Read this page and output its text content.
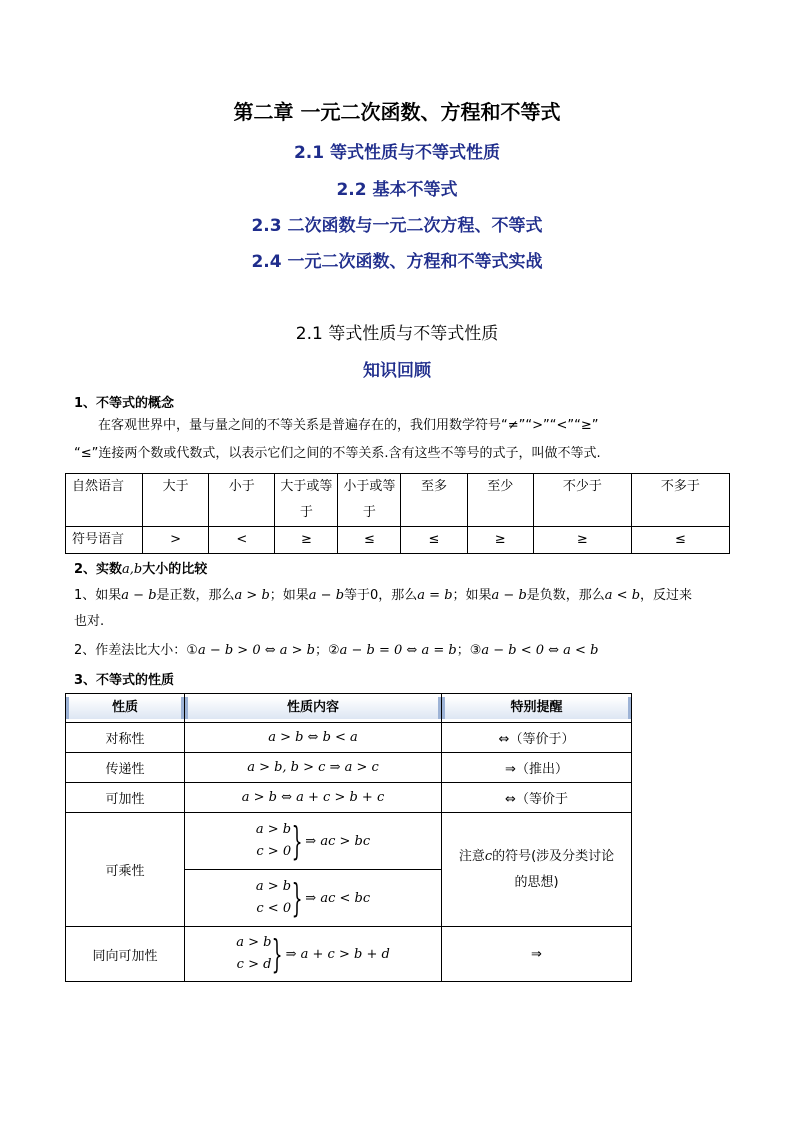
第二章 一元二次函数、方程和不等式
2.1 等式性质与不等式性质
2.2 基本不等式
2.3 二次函数与一元二次方程、不等式
2.4 一元二次函数、方程和不等式实战
2.1 等式性质与不等式性质
知识回顾
1、不等式的概念
在客观世界中，量与量之间的不等关系是普遍存在的，我们用数学符号“≠”“>”“<”“≥”
“≤”连接两个数或代数式，以表示它们之间的不等关系.含有这些不等号的式子，叫做不等式.
自然语言	大于	小于	大于或等于	小于或等于	至多	至少	不少于	不多于
符号语言	>	<	≥	≤	≤	≥	≥	≤
2、实数a,b大小的比较
1、如果a − b是正数，那么a > b；如果a − b等于0，那么a = b；如果a − b是负数，那么a < b，反过来
也对.
2、作差法比大小：①a − b > 0 ⇔ a > b；②a − b = 0 ⇔ a = b；③a − b < 0 ⇔ a < b
3、不等式的性质
性质	性质内容	特别提醒

对称性	a > b ⇔ b < a	⇔（等价于）
传递性	a > b, b > c ⇒ a > c	⇒（推出）
可加性	a > b ⇔ a + c > b + c	⇔（等价于
可乘性	a > b
c > 0 } ⇒ ac > bc	注意c的符号(涉及分类讨论
的思想)

	a > b
c < 0 } ⇒ ac < bc	

同向可加性	a > b
c > d } ⇒ a + c > b + d	⇒
